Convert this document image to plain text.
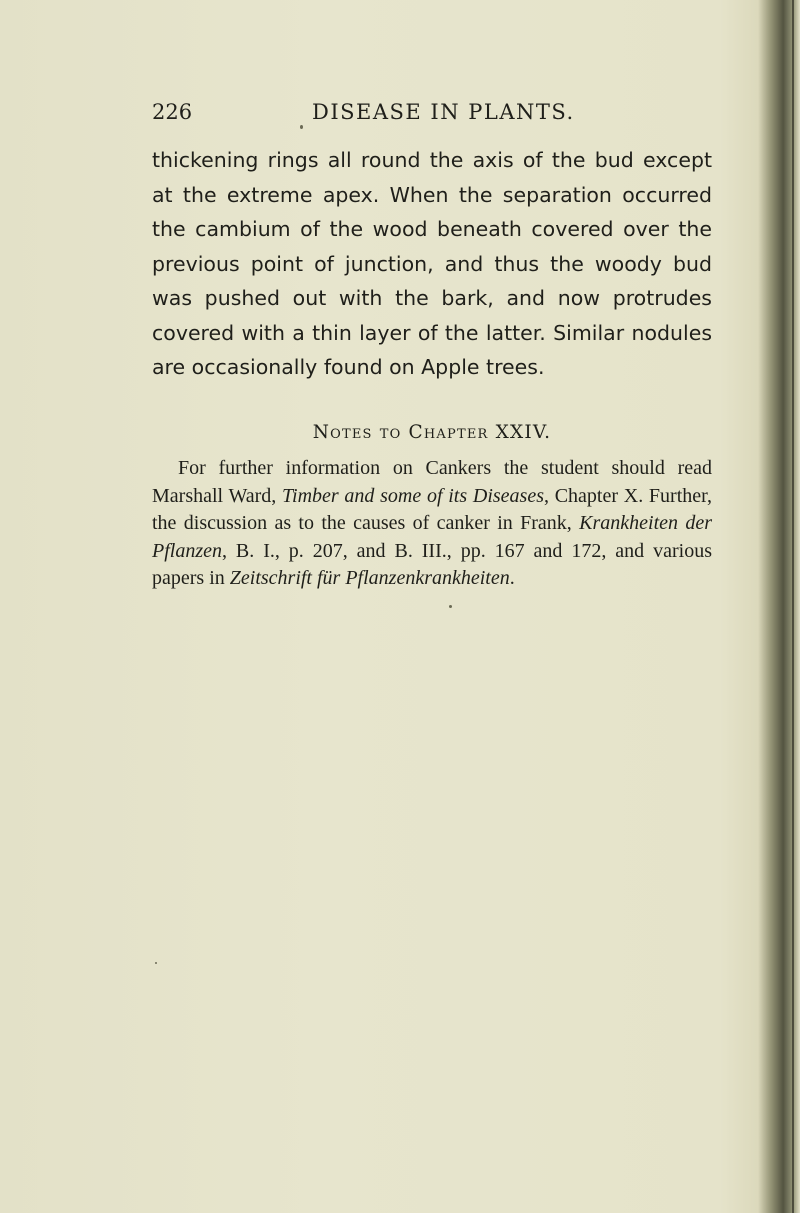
226	DISEASE IN PLANTS.

thickening rings all round the axis of the bud except at the extreme apex. When the separation occurred the cambium of the wood beneath covered over the previous point of junction, and thus the woody bud was pushed out with the bark, and now protrudes covered with a thin layer of the latter. Similar nodules are occasionally found on Apple trees.

Notes to Chapter XXIV.

For further information on Cankers the student should read Marshall Ward, Timber and some of its Diseases, Chapter X. Further, the discussion as to the causes of canker in Frank, Krankheiten der Pflanzen, B. I., p. 207, and B. III., pp. 167 and 172, and various papers in Zeitschrift für Pflanzenkrankheiten.
